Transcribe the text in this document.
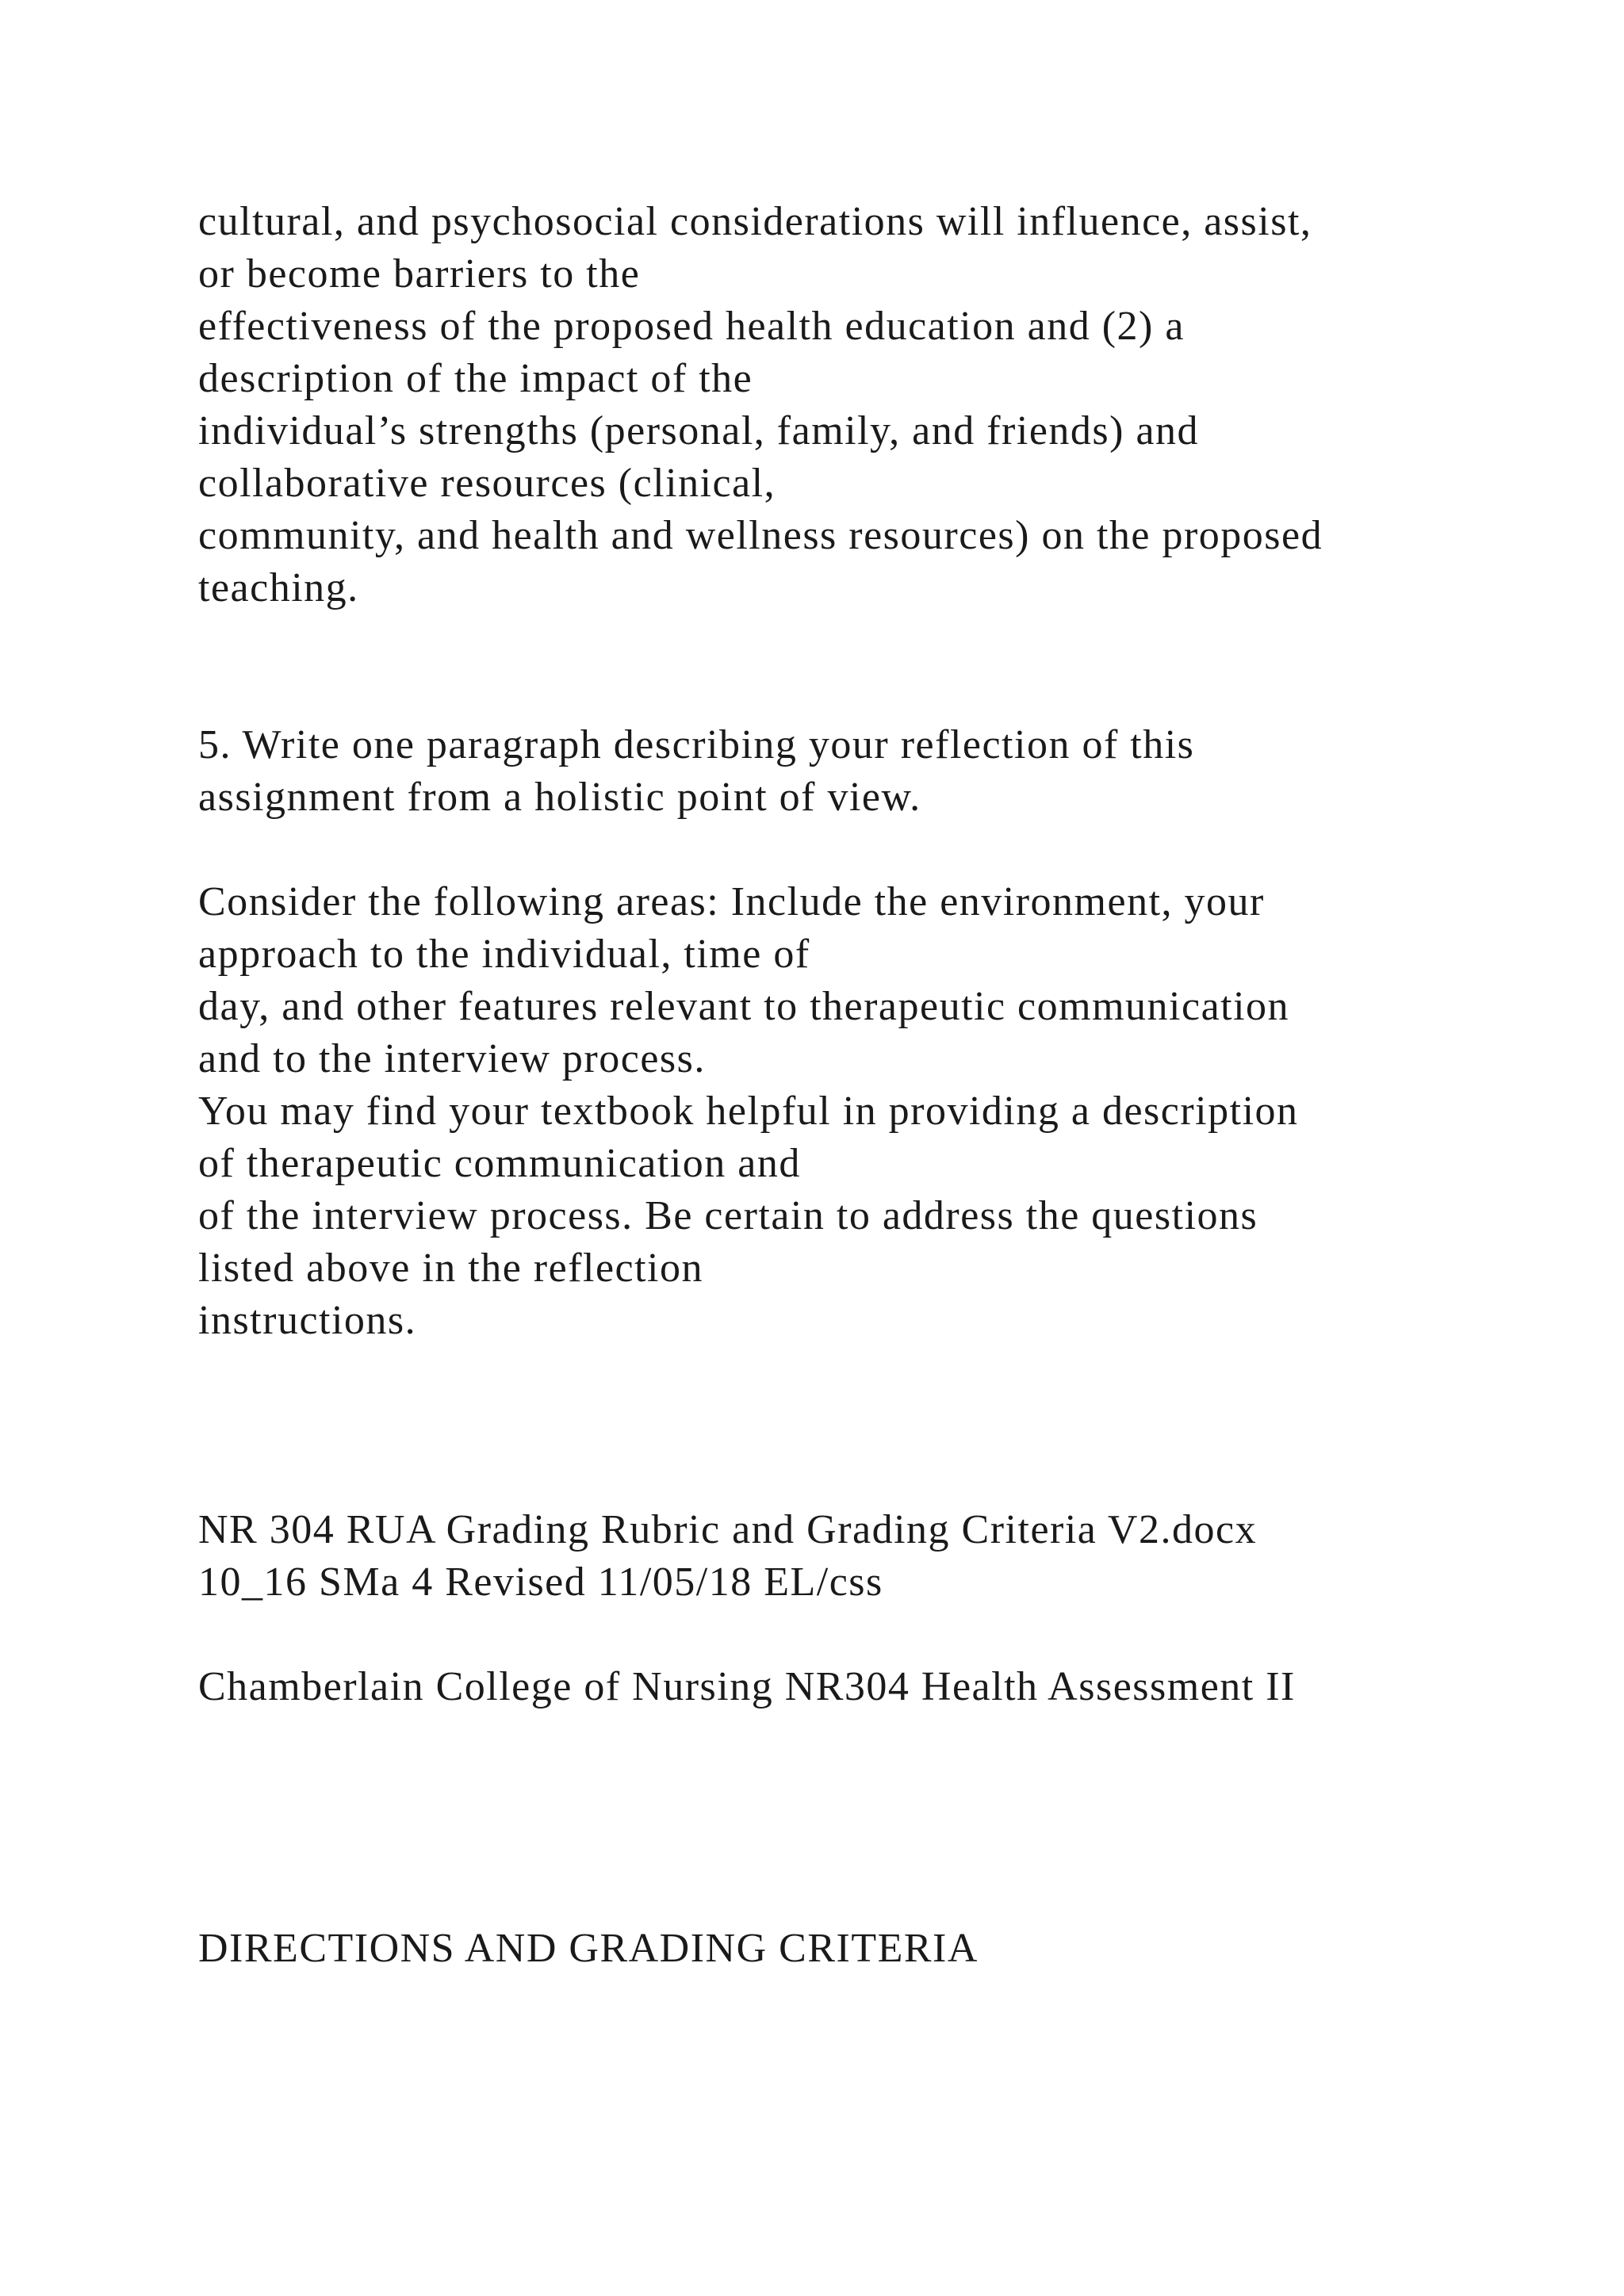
cultural, and psychosocial considerations will influence, assist,

or become barriers to the

effectiveness of the proposed health education and (2) a

description of the impact of the

individual’s strengths (personal, family, and friends) and

collaborative resources (clinical,

community, and health and wellness resources) on the proposed

teaching.

5. Write one paragraph describing your reflection of this

assignment from a holistic point of view.

Consider the following areas: Include the environment, your

approach to the individual, time of

day, and other features relevant to therapeutic communication

and to the interview process.

You may find your textbook helpful in providing a description

of therapeutic communication and

of the interview process. Be certain to address the questions

listed above in the reflection

instructions.

NR 304 RUA Grading Rubric and Grading Criteria V2.docx

10_16 SMa 4 Revised 11/05/18 EL/css

Chamberlain College of Nursing NR304 Health Assessment II

DIRECTIONS AND GRADING CRITERIA
